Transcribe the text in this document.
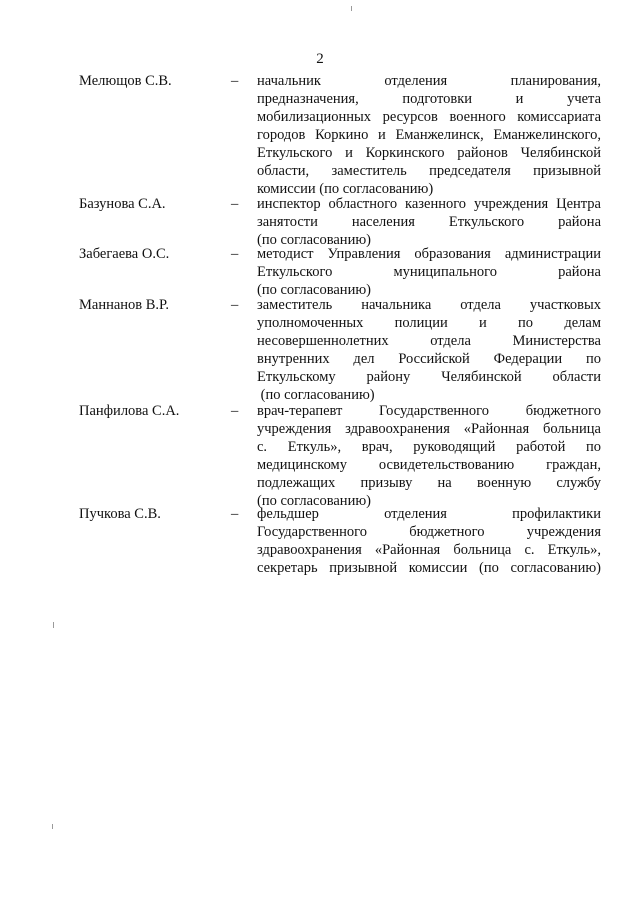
2
Мелющов С.В.	– начальник отделения планирования,
предназначения, подготовки и учета
мобилизационных ресурсов военного комиссариата
городов Коркино и Еманжелинск, Еманжелинского,
Еткульского и Коркинского районов Челябинской
области, заместитель председателя призывной
комиссии (по согласованию)
Базунова С.А.	– инспектор областного казенного учреждения Центра
занятости населения Еткульского района
(по согласованию)
Забегаева О.С.	– методист Управления образования администрации
Еткульского муниципального района
(по согласованию)
Маннанов В.Р.	– заместитель начальника отдела участковых
уполномоченных полиции и по делам
несовершеннолетних отдела Министерства
внутренних дел Российской Федерации по
Еткульскому району Челябинской области
(по согласованию)
Панфилова С.А.	– врач-терапевт Государственного бюджетного
учреждения здравоохранения «Районная больница
с. Еткуль», врач, руководящий работой по
медицинскому освидетельствованию граждан,
подлежащих призыву на военную службу
(по согласованию)
Пучкова С.В.	– фельдшер отделения профилактики
Государственного бюджетного учреждения
здравоохранения «Районная больница с. Еткуль»,
секретарь призывной комиссии (по согласованию)
